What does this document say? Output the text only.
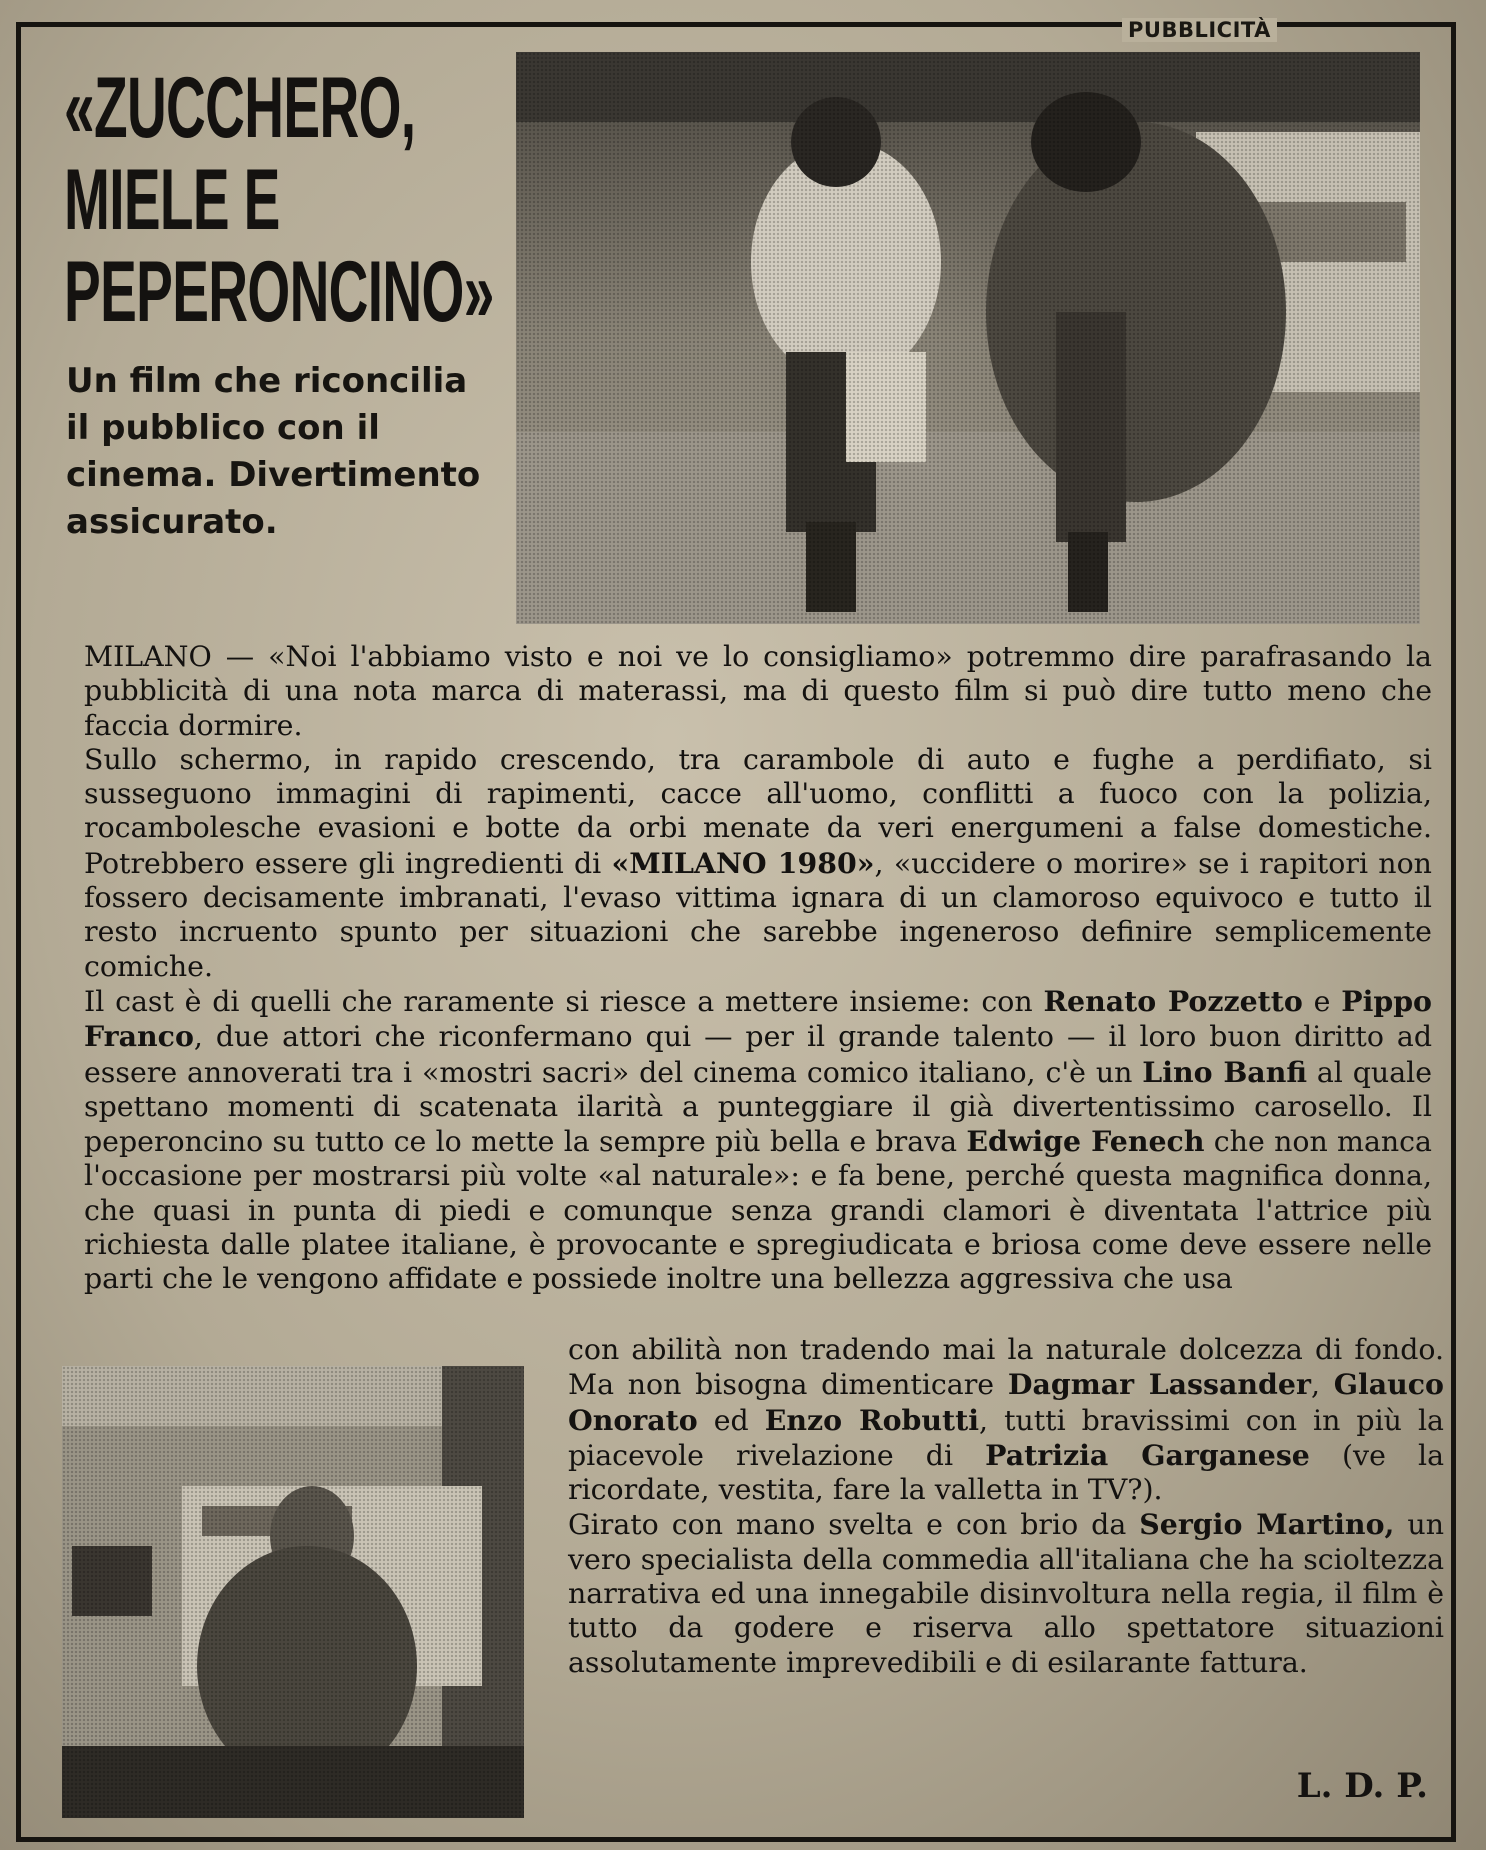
PUBBLICITÀ
«ZUCCHERO,
MIELE E
PEPERONCINO»
Un film che riconcilia il pubblico con il cinema. Divertimento assicurato.

MILANO — «Noi l'abbiamo visto e noi ve lo consigliamo» potremmo dire parafrasando la pubblicità di una nota marca di materassi, ma di questo film si può dire tutto meno che faccia dormire.

Sullo schermo, in rapido crescendo, tra carambole di auto e fughe a perdifiato, si susseguono immagini di rapimenti, cacce all'uomo, conflitti a fuoco con la polizia, rocambolesche evasioni e botte da orbi menate da veri energumeni a false domestiche. Potrebbero essere gli ingredienti di «MILANO 1980», «uccidere o morire» se i rapitori non fossero decisamente imbranati, l'evaso vittima ignara di un clamoroso equivoco e tutto il resto incruento spunto per situazioni che sarebbe ingeneroso definire semplicemente comiche.

Il cast è di quelli che raramente si riesce a mettere insieme: con Renato Pozzetto e Pippo Franco, due attori che riconfermano qui — per il grande talento — il loro buon diritto ad essere annoverati tra i «mostri sacri» del cinema comico italiano, c'è un Lino Banfi al quale spettano momenti di scatenata ilarità a punteggiare il già divertentissimo carosello. Il peperoncino su tutto ce lo mette la sempre più bella e brava Edwige Fenech che non manca l'occasione per mostrarsi più volte «al naturale»: e fa bene, perché questa magnifica donna, che quasi in punta di piedi e comunque senza grandi clamori è diventata l'attrice più richiesta dalle platee italiane, è provocante e spregiudicata e briosa come deve essere nelle parti che le vengono affidate e possiede inoltre una bellezza aggressiva che usa

con abilità non tradendo mai la naturale dolcezza di fondo. Ma non bisogna dimenticare Dagmar Lassander, Glauco Onorato ed Enzo Robutti, tutti bravissimi con in più la piacevole rivelazione di Patrizia Garganese (ve la ricordate, vestita, fare la valletta in TV?).

Girato con mano svelta e con brio da Sergio Martino, un vero specialista della commedia all'italiana che ha scioltezza narrativa ed una innegabile disinvoltura nella regia, il film è tutto da godere e riserva allo spettatore situazioni assolutamente imprevedibili e di esilarante fattura.

L. D. P.
